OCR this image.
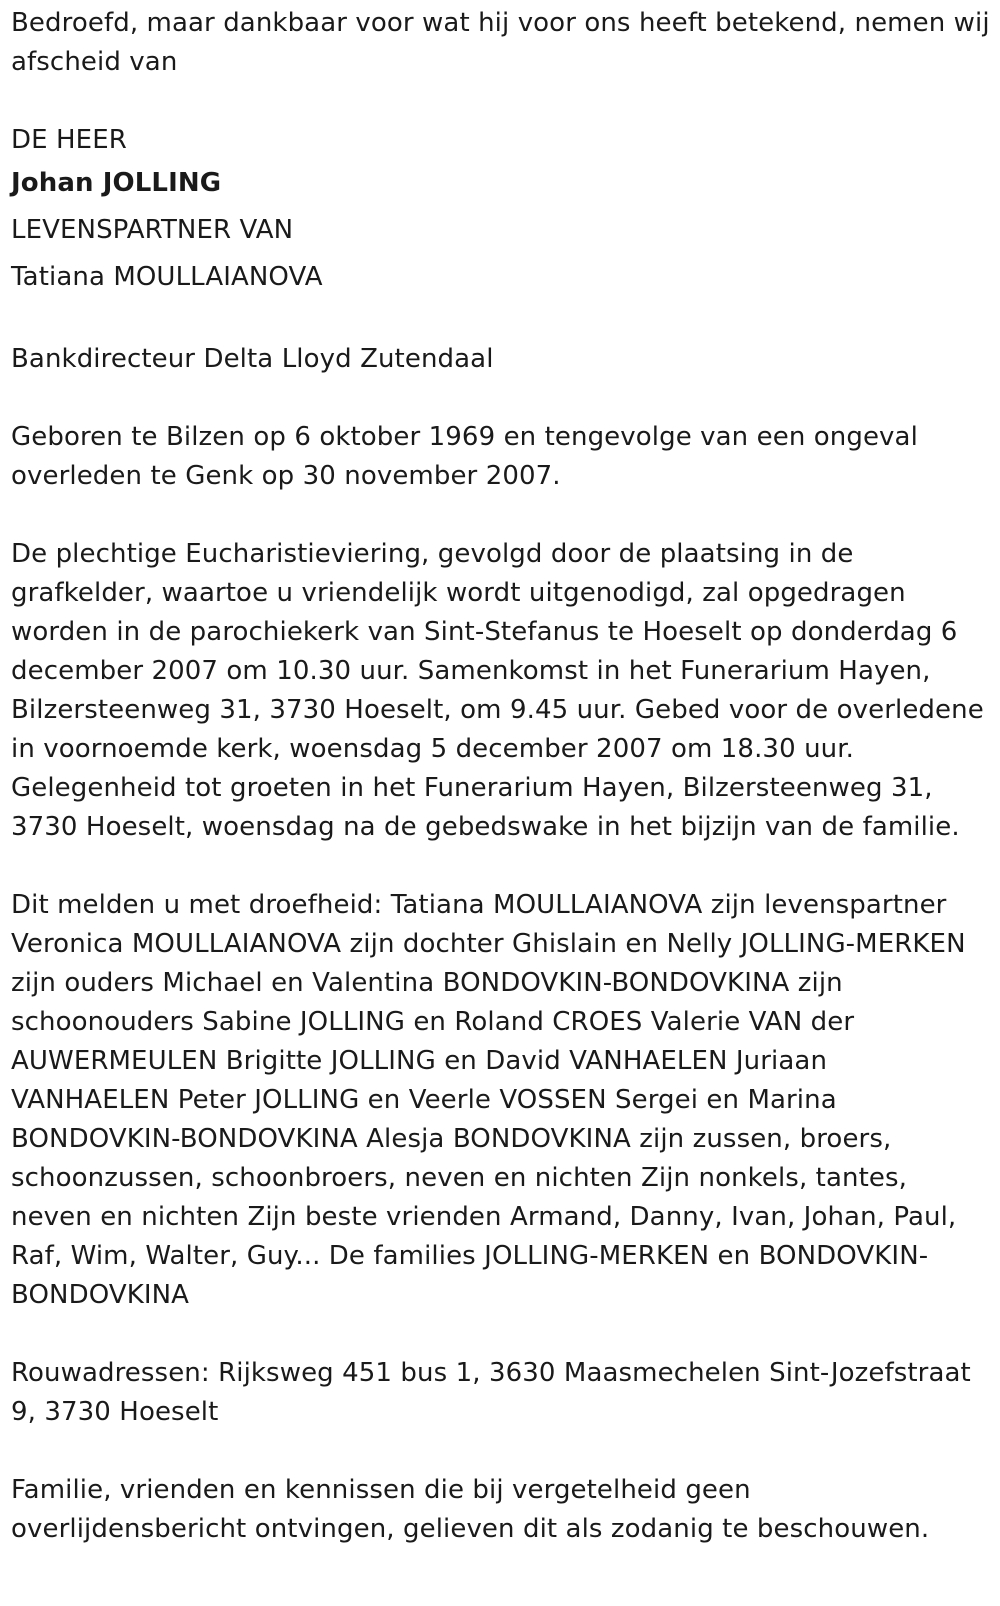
Bedroefd, maar dankbaar voor wat hij voor ons heeft betekend, nemen wij afscheid van

DE HEER

Johan JOLLING

LEVENSPARTNER VAN

Tatiana MOULLAIANOVA

Bankdirecteur Delta Lloyd Zutendaal

Geboren te Bilzen op 6 oktober 1969 en tengevolge van een ongeval overleden te Genk op 30 november 2007.

De plechtige Eucharistieviering, gevolgd door de plaatsing in de grafkelder, waartoe u vriendelijk wordt uitgenodigd, zal opgedragen worden in de parochiekerk van Sint-Stefanus te Hoeselt op donderdag 6 december 2007 om 10.30 uur. Samenkomst in het Funerarium Hayen, Bilzersteenweg 31, 3730 Hoeselt, om 9.45 uur. Gebed voor de overledene in voornoemde kerk, woensdag 5 december 2007 om 18.30 uur. Gelegenheid tot groeten in het Funerarium Hayen, Bilzersteenweg 31, 3730 Hoeselt, woensdag na de gebedswake in het bijzijn van de familie.

Dit melden u met droefheid: Tatiana MOULLAIANOVA zijn levenspartner Veronica MOULLAIANOVA zijn dochter Ghislain en Nelly JOLLING-MERKEN zijn ouders Michael en Valentina BONDOVKIN-BONDOVKINA zijn schoonouders Sabine JOLLING en Roland CROES Valerie VAN der AUWERMEULEN Brigitte JOLLING en David VANHAELEN Juriaan VANHAELEN Peter JOLLING en Veerle VOSSEN Sergei en Marina BONDOVKIN-BONDOVKINA Alesja BONDOVKINA zijn zussen, broers, schoonzussen, schoonbroers, neven en nichten Zijn nonkels, tantes, neven en nichten Zijn beste vrienden Armand, Danny, Ivan, Johan, Paul, Raf, Wim, Walter, Guy... De families JOLLING-MERKEN en BONDOVKIN-BONDOVKINA

Rouwadressen: Rijksweg 451 bus 1, 3630 Maasmechelen Sint-Jozefstraat 9, 3730 Hoeselt

Familie, vrienden en kennissen die bij vergetelheid geen overlijdensbericht ontvingen, gelieven dit als zodanig te beschouwen.
